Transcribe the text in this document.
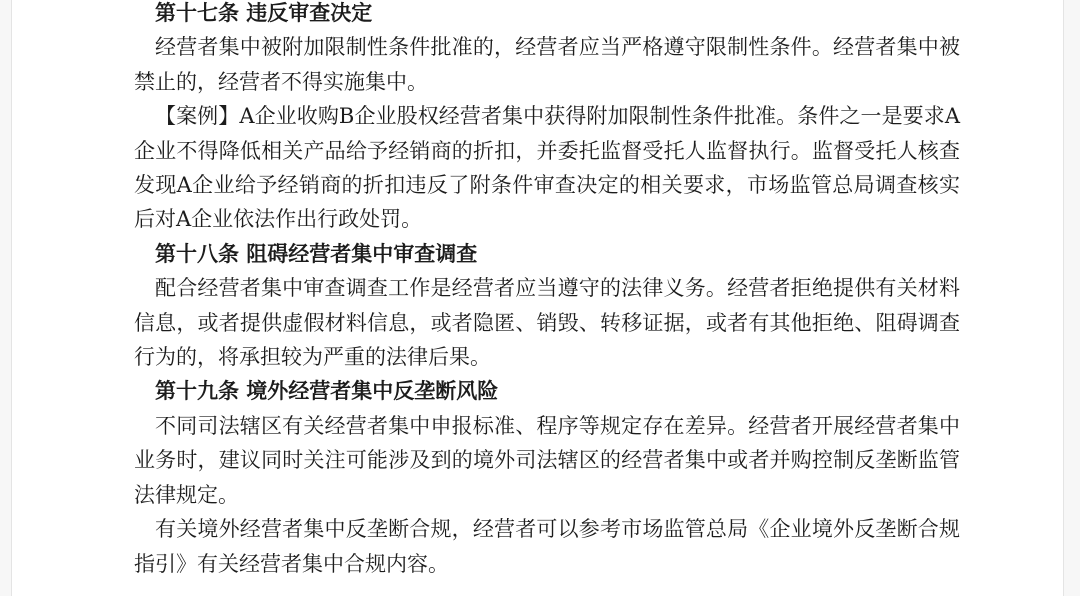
第十七条 违反审查决定

经营者集中被附加限制性条件批准的，经营者应当严格遵守限制性条件。经营者集中被禁止的，经营者不得实施集中。

【案例】A企业收购B企业股权经营者集中获得附加限制性条件批准。条件之一是要求A企业不得降低相关产品给予经销商的折扣，并委托监督受托人监督执行。监督受托人核查发现A企业给予经销商的折扣违反了附条件审查决定的相关要求，市场监管总局调查核实后对A企业依法作出行政处罚。

第十八条 阻碍经营者集中审查调查

配合经营者集中审查调查工作是经营者应当遵守的法律义务。经营者拒绝提供有关材料信息，或者提供虚假材料信息，或者隐匿、销毁、转移证据，或者有其他拒绝、阻碍调查行为的，将承担较为严重的法律后果。

第十九条 境外经营者集中反垄断风险

不同司法辖区有关经营者集中申报标准、程序等规定存在差异。经营者开展经营者集中业务时，建议同时关注可能涉及到的境外司法辖区的经营者集中或者并购控制反垄断监管法律规定。

有关境外经营者集中反垄断合规，经营者可以参考市场监管总局《企业境外反垄断合规指引》有关经营者集中合规内容。
